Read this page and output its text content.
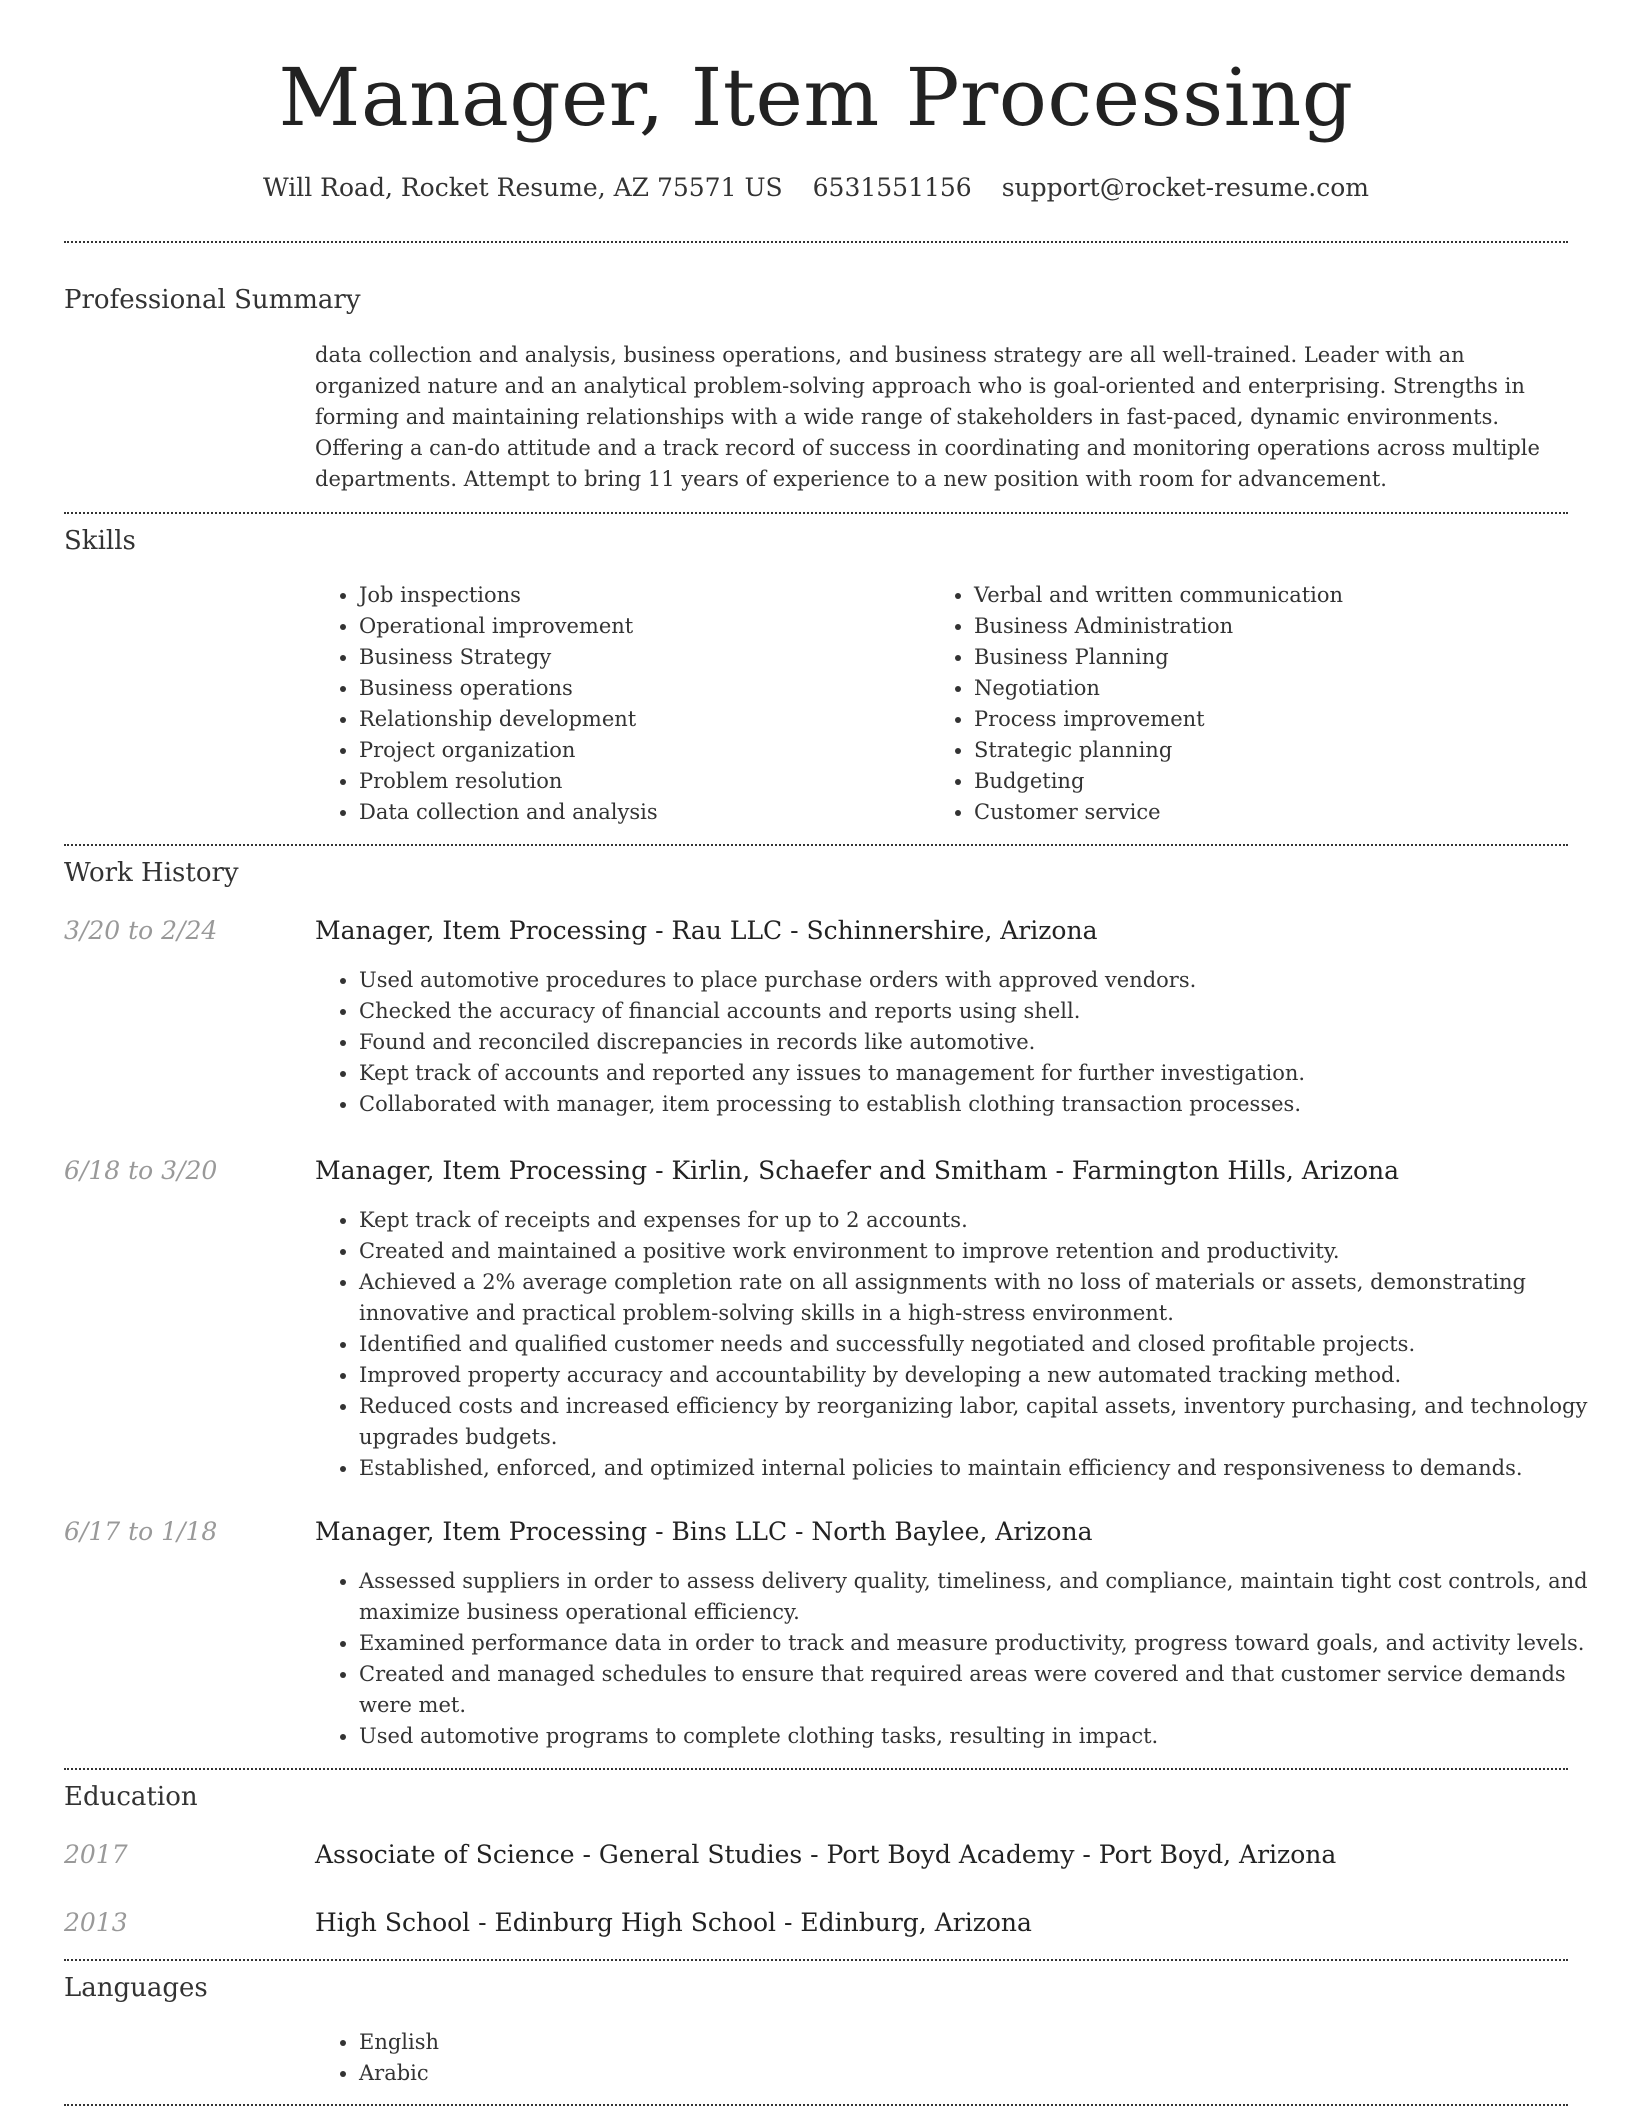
Manager, Item Processing
Will Road, Rocket Resume, AZ 75571 US 6531551156 support@rocket-resume.com
Professional Summary

data collection and analysis, business operations, and business strategy are all well-trained. Leader with an organized nature and an analytical problem-solving approach who is goal-oriented and enterprising. Strengths in forming and maintaining relationships with a wide range of stakeholders in fast-paced, dynamic environments. Offering a can-do attitude and a track record of success in coordinating and monitoring operations across multiple departments. Attempt to bring 11 years of experience to a new position with room for advancement.

Skills
• Job inspections
• Operational improvement
• Business Strategy
• Business operations
• Relationship development
• Project organization
• Problem resolution
• Data collection and analysis
• Verbal and written communication
• Business Administration
• Business Planning
• Negotiation
• Process improvement
• Strategic planning
• Budgeting
• Customer service
Work History
3/20 to 2/24	Manager, Item Processing - Rau LLC - Schinnershire, Arizona
• Used automotive procedures to place purchase orders with approved vendors.
• Checked the accuracy of financial accounts and reports using shell.
• Found and reconciled discrepancies in records like automotive.
• Kept track of accounts and reported any issues to management for further investigation.
• Collaborated with manager, item processing to establish clothing transaction processes.
6/18 to 3/20	Manager, Item Processing - Kirlin, Schaefer and Smitham - Farmington Hills, Arizona
• Kept track of receipts and expenses for up to 2 accounts.
• Created and maintained a positive work environment to improve retention and productivity.
• Achieved a 2% average completion rate on all assignments with no loss of materials or assets, demonstrating innovative and practical problem-solving skills in a high-stress environment.
• Identified and qualified customer needs and successfully negotiated and closed profitable projects.
• Improved property accuracy and accountability by developing a new automated tracking method.
• Reduced costs and increased efficiency by reorganizing labor, capital assets, inventory purchasing, and technology upgrades budgets.
• Established, enforced, and optimized internal policies to maintain efficiency and responsiveness to demands.
6/17 to 1/18	Manager, Item Processing - Bins LLC - North Baylee, Arizona
• Assessed suppliers in order to assess delivery quality, timeliness, and compliance, maintain tight cost controls, and maximize business operational efficiency.
• Examined performance data in order to track and measure productivity, progress toward goals, and activity levels.
• Created and managed schedules to ensure that required areas were covered and that customer service demands were met.
• Used automotive programs to complete clothing tasks, resulting in impact.
Education
2017	Associate of Science - General Studies - Port Boyd Academy - Port Boyd, Arizona
2013	High School - Edinburg High School - Edinburg, Arizona
Languages
• English
• Arabic
